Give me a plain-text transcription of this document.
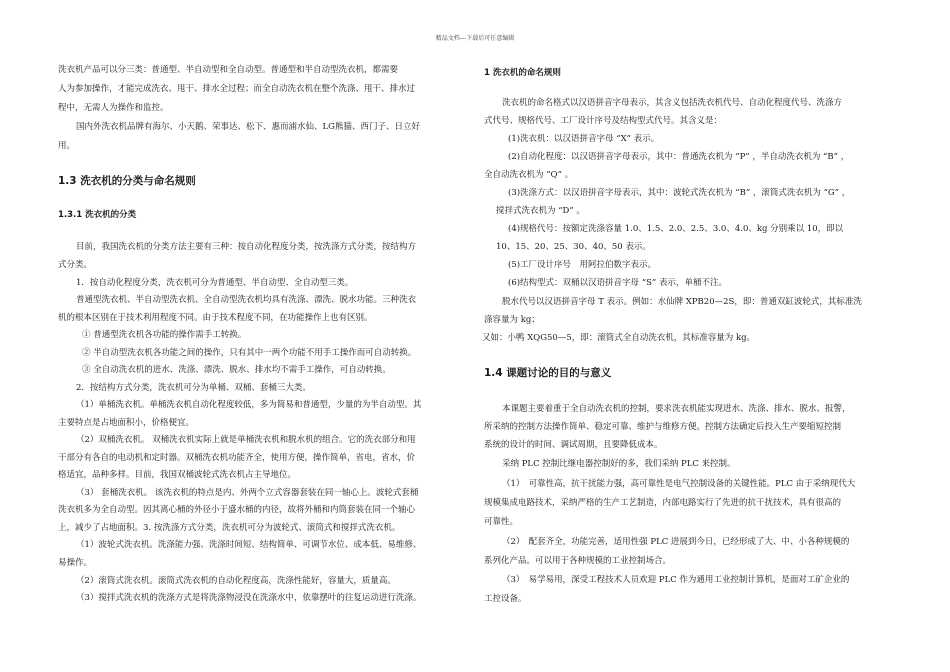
精品文档---下载后可任意编辑

洗衣机产品可以分三类：普通型、半自动型和全自动型。普通型和半自动型洗衣机，都需要

人为参加操作，才能完成洗衣、甩干、排水全过程；而全自动洗衣机在整个洗涤、甩干、排水过

程中，无需人为操作和监控。

国内外洗衣机品牌有海尔、小天鹅、荣事达、松下、惠而浦水仙、LG熊猫、西门子、日立好

用。

1.3 洗衣机的分类与命名规则
1.3.1 洗衣机的分类

目前，我国洗衣机的分类方法主要有三种：按自动化程度分类，按洗涤方式分类，按结构方

式分类。

1．按自动化程度分类，洗衣机可分为普通型、半自动型、全自动型三类。

普通型洗衣机、半自动型洗衣机、全自动型洗衣机均具有洗涤、漂洗、脱水功能。三种洗衣

机的根本区别在于技术利用程度不同。由于技术程度不同，在功能操作上也有区别。

① 普通型洗衣机各功能的操作需手工转换。

② 半自动型洗衣机各功能之间的操作，只有其中一两个功能不用手工操作而可自动转换。

③ 全自动洗衣机的进水、洗涤、漂洗、脱水、排水均不需手工操作，可自动转换。

2．按结构方式分类，洗衣机可分为单桶、双桶、套桶三大类。

（1）单桶洗衣机。单桶洗衣机自动化程度较低，多为简易和普通型，少量的为半自动型。其

主要特点是占地面积小，价格便宜。

（2）双桶洗衣机。 双桶洗衣机实际上就是单桶洗衣机和脱水机的组合。它的洗衣部分和甩

干部分有各自的电动机和定时器。双桶洗衣机功能齐全，使用方便，操作简单，省电，省水，价

格适宜，品种多样。目前，我国双桶波轮式洗衣机占主导地位。

（3） 套桶洗衣机。 该洗衣机的特点是内、外两个立式容器套装在同一轴心上。波轮式套桶

洗衣机多为全自动型。因其离心桶的外径小于盛水桶的内径，故将外桶和内筒套装在同一个轴心

上，减少了占地面积。3. 按洗涤方式分类，洗衣机可分为波轮式、滚筒式和搅拌式洗衣机。

（1）波轮式洗衣机。洗涤能力强、洗涤时间短、结构简单、可调节水位、成本低、易维修、

易操作。

（2）滚筒式洗衣机。滚筒式洗衣机的自动化程度高，洗涤性能好，容量大，质量高。

（3）搅拌式洗衣机的洗涤方式是将洗涤物浸没在洗涤水中，依靠摆叶的往复运动进行洗涤。

1 洗衣机的命名规则

洗衣机的命名格式以汉语拼音字母表示，其含义包括洗衣机代号、自动化程度代号、洗涤方

式代号、规格代号、工厂设计序号及结构型式代号。其含义是：

(1)洗衣机：以汉语拼音字母 “X” 表示。

(2)自动化程度：以汉语拼音字母表示，其中：普通洗衣机为 “P” ，半自动洗衣机为 “B” ，

全自动洗衣机为 “Q” 。

(3)洗涤方式：以汉语拼音字母表示，其中：波轮式洗衣机为 “B” ，滚筒式洗衣机为 “G” ，

搅拌式洗衣机为 “D” 。

(4)规格代号：按额定洗涤容量 1.0、1.5、2.0、2.5、3.0、4.0、kg 分别乘以 10，即以

10、15、20、25、30、40、50 表示。

(5)工厂设计序号　用阿拉伯数字表示。

(6)结构型式：双桶以汉语拼音字母 “S” 表示，单桶不注。

脱水代号以汉语拼音字母 T 表示。例如：水仙牌 XPB20—2S，即：普通双缸波轮式，其标准洗

涤容量为 kg；

又如：小鸭 XQG50—5，即：滚筒式全自动洗衣机，其标准容量为 kg。

1.4 课题讨论的目的与意义

本课题主要着重于全自动洗衣机的控制，要求洗衣机能实现进水、洗涤、排水、脱水、报警，

所采纳的控制方法操作简单、稳定可靠、维护与维修方便。控制方法确定后投入生产要缩短控制

系统的设计的时间、调试周期，且要降低成本。

采纳 PLC 控制比继电器控制好的多，我们采纳 PLC 来控制。

（1）　可靠性高，抗干扰能力强，高可靠性是电气控制设备的关键性能。PLC 由于采纳现代大

规模集成电路技术，采纳严格的生产工艺制造，内部电路实行了先进的抗干扰技术，具有很高的

可靠性。

（2）　配套齐全，功能完善，适用性强 PLC 进展到今日，已经形成了大、中、小各种规模的

系列化产品。可以用于各种规模的工业控制场合。

（3）　易学易用，深受工程技术人员欢迎 PLC 作为通用工业控制计算机，是面对工矿企业的

工控设备。
